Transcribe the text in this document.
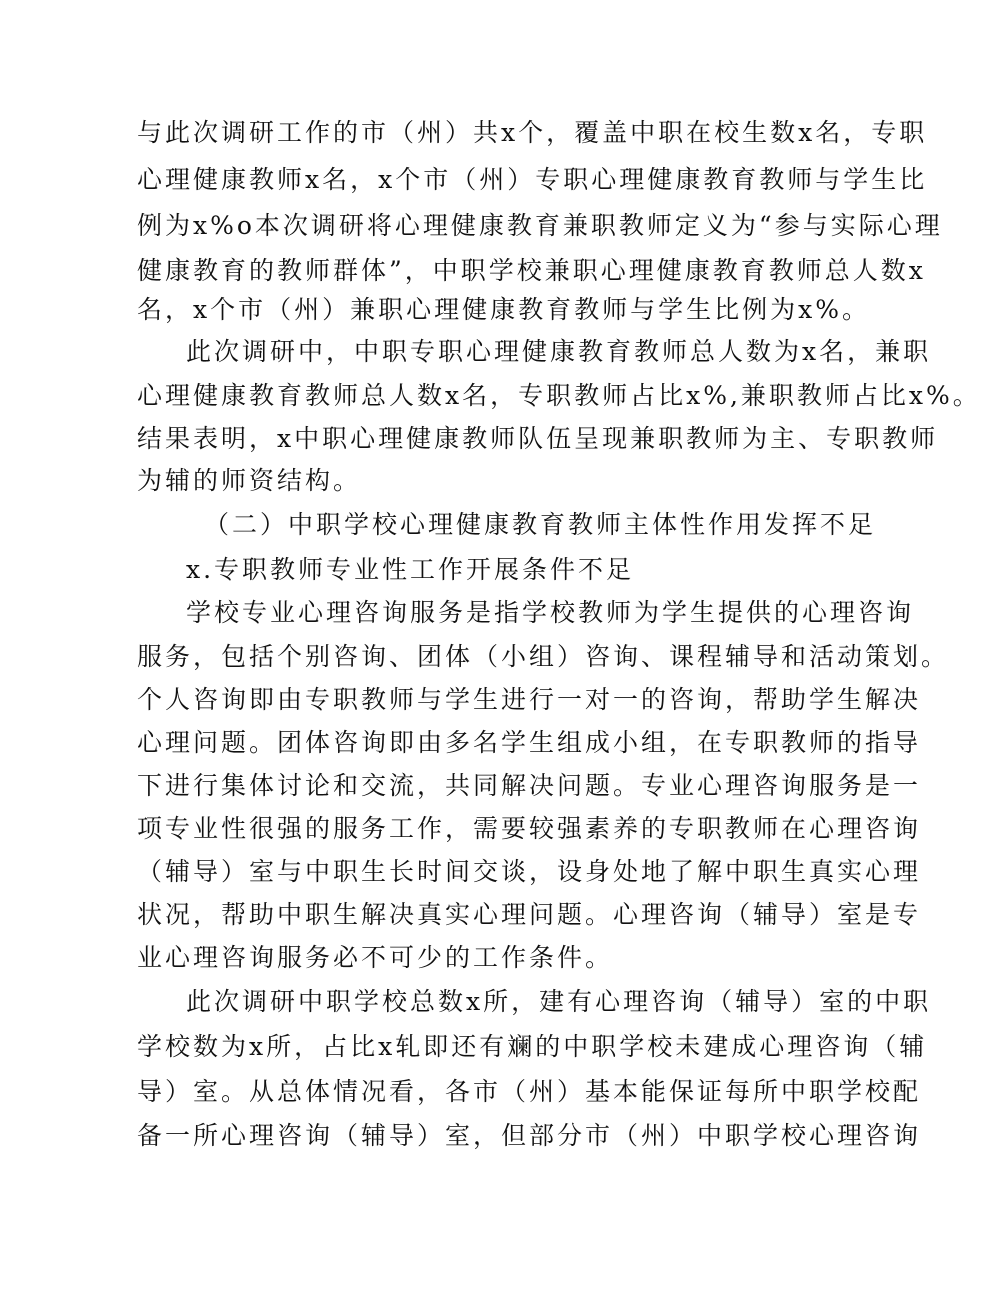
与此次调研工作的市（州）共x个，覆盖中职在校生数x名，专职
心理健康教师x名，x个市（州）专职心理健康教育教师与学生比
例为x%o本次调研将心理健康教育兼职教师定义为“参与实际心理
健康教育的教师群体”，中职学校兼职心理健康教育教师总人数x
名，x个市（州）兼职心理健康教育教师与学生比例为x%。
此次调研中，中职专职心理健康教育教师总人数为x名，兼职
心理健康教育教师总人数x名，专职教师占比x%,兼职教师占比x%。
结果表明，x中职心理健康教师队伍呈现兼职教师为主、专职教师
为辅的师资结构。
（二）中职学校心理健康教育教师主体性作用发挥不足
x.专职教师专业性工作开展条件不足
学校专业心理咨询服务是指学校教师为学生提供的心理咨询
服务，包括个别咨询、团体（小组）咨询、课程辅导和活动策划。
个人咨询即由专职教师与学生进行一对一的咨询，帮助学生解决
心理问题。团体咨询即由多名学生组成小组，在专职教师的指导
下进行集体讨论和交流，共同解决问题。专业心理咨询服务是一
项专业性很强的服务工作，需要较强素养的专职教师在心理咨询
（辅导）室与中职生长时间交谈，设身处地了解中职生真实心理
状况，帮助中职生解决真实心理问题。心理咨询（辅导）室是专
业心理咨询服务必不可少的工作条件。
此次调研中职学校总数x所，建有心理咨询（辅导）室的中职
学校数为x所，占比x轧即还有斓的中职学校未建成心理咨询（辅
导）室。从总体情况看，各市（州）基本能保证每所中职学校配
备一所心理咨询（辅导）室，但部分市（州）中职学校心理咨询
